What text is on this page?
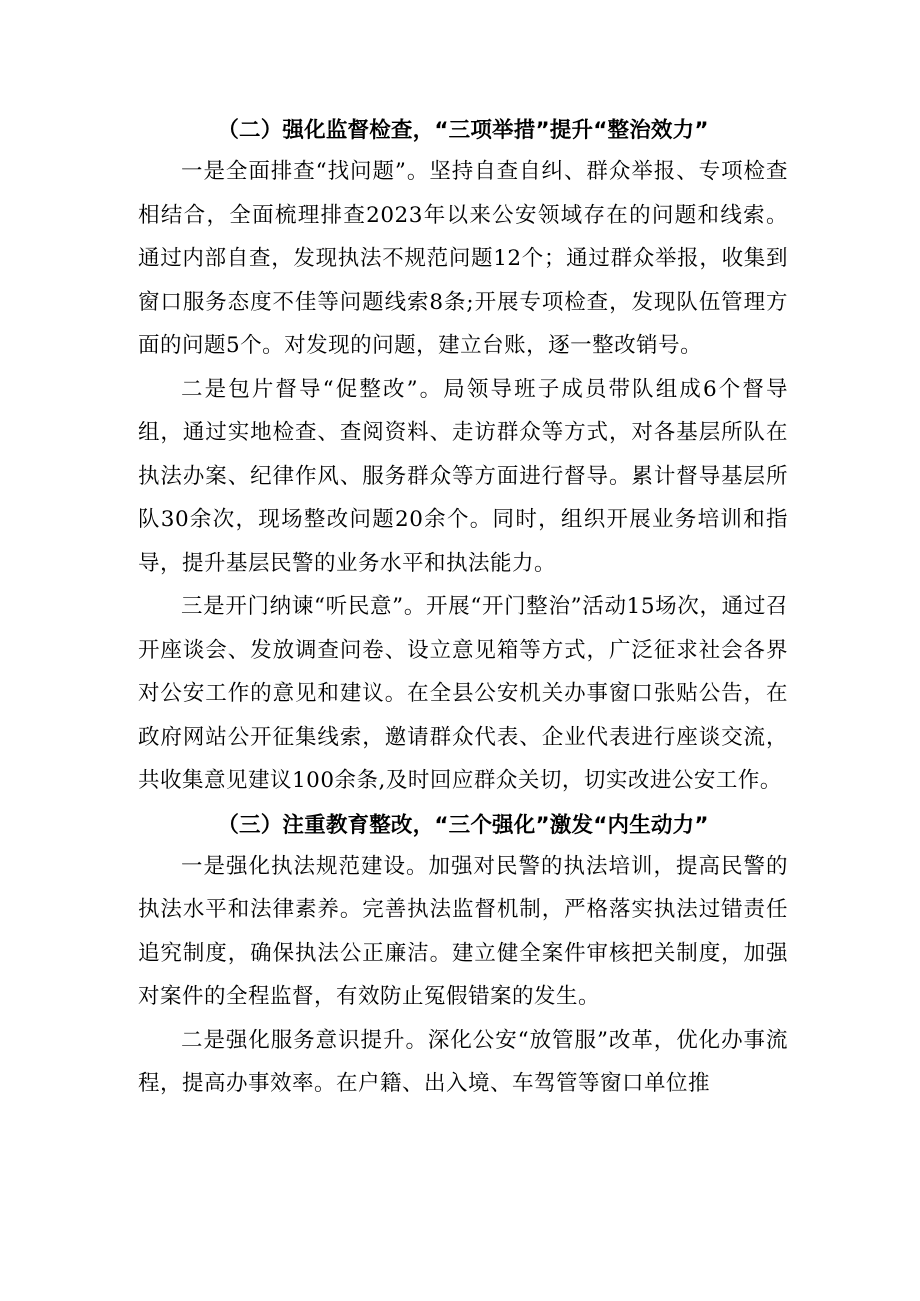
（二）强化监督检查，“三项举措”提升“整治效力”

一是全面排查“找问题”。坚持自查自纠、群众举报、专项检查相结合，全面梳理排查2023年以来公安领域存在的问题和线索。通过内部自查，发现执法不规范问题12个；通过群众举报，收集到窗口服务态度不佳等问题线索8条;开展专项检查，发现队伍管理方面的问题5个。对发现的问题，建立台账，逐一整改销号。

二是包片督导“促整改”。局领导班子成员带队组成6个督导组，通过实地检查、查阅资料、走访群众等方式，对各基层所队在执法办案、纪律作风、服务群众等方面进行督导。累计督导基层所队30余次，现场整改问题20余个。同时，组织开展业务培训和指导，提升基层民警的业务水平和执法能力。

三是开门纳谏“听民意”。开展“开门整治”活动15场次，通过召开座谈会、发放调查问卷、设立意见箱等方式，广泛征求社会各界对公安工作的意见和建议。在全县公安机关办事窗口张贴公告，在政府网站公开征集线索，邀请群众代表、企业代表进行座谈交流，共收集意见建议100余条,及时回应群众关切，切实改进公安工作。

（三）注重教育整改，“三个强化”激发“内生动力”

一是强化执法规范建设。加强对民警的执法培训，提高民警的执法水平和法律素养。完善执法监督机制，严格落实执法过错责任追究制度，确保执法公正廉洁。建立健全案件审核把关制度，加强对案件的全程监督，有效防止冤假错案的发生。

二是强化服务意识提升。深化公安“放管服”改革，优化办事流程，提高办事效率。在户籍、出入境、车驾管等窗口单位推
